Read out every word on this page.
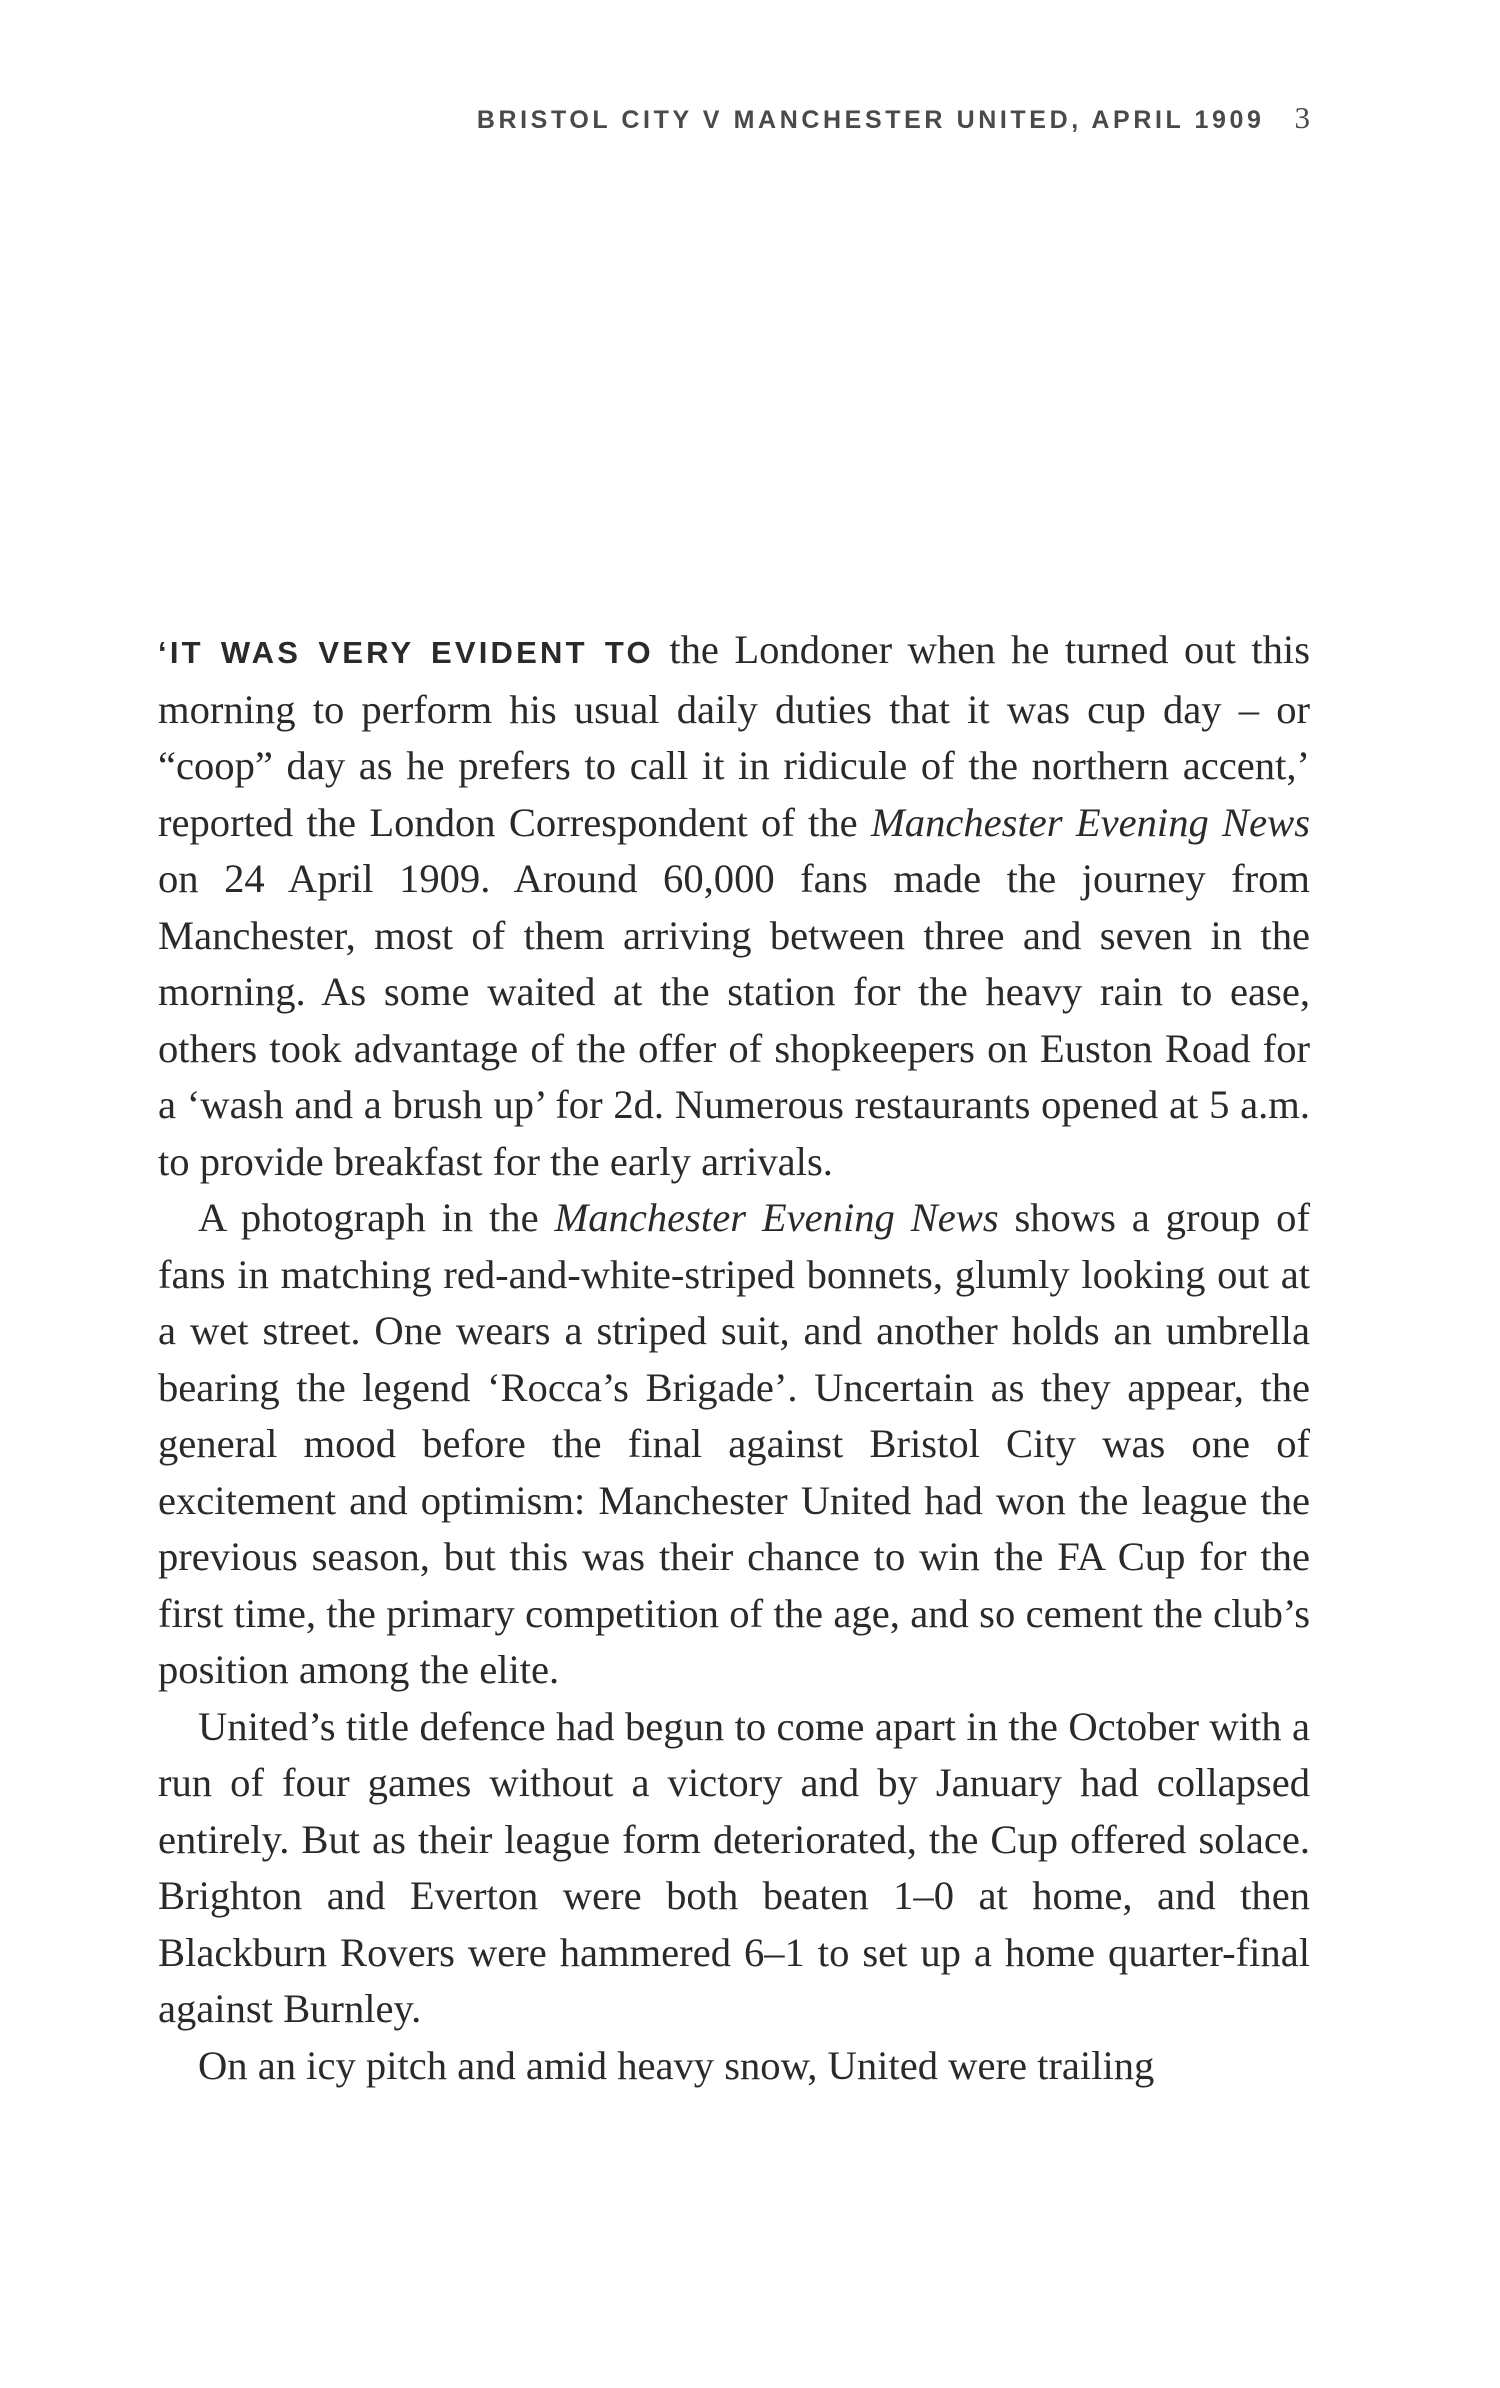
BRISTOL CITY V MANCHESTER UNITED, APRIL 1909 3

‘IT WAS VERY EVIDENT TO the Londoner when he turned out this morning to perform his usual daily duties that it was cup day – or “coop” day as he prefers to call it in ridicule of the northern accent,’ reported the London Correspondent of the Manchester Evening News on 24 April 1909. Around 60,000 fans made the journey from Manchester, most of them arriving between three and seven in the morning. As some waited at the station for the heavy rain to ease, others took advantage of the offer of shopkeepers on Euston Road for a ‘wash and a brush up’ for 2d. Numerous restaurants opened at 5 a.m. to provide breakfast for the early arrivals.

A photograph in the Manchester Evening News shows a group of fans in matching red-and-white-striped bonnets, glumly looking out at a wet street. One wears a striped suit, and another holds an umbrella bearing the legend ‘Rocca’s Brigade’. Uncertain as they appear, the general mood before the final against Bristol City was one of excitement and optimism: Manchester United had won the league the previous season, but this was their chance to win the FA Cup for the first time, the primary competition of the age, and so cement the club’s position among the elite.

United’s title defence had begun to come apart in the October with a run of four games without a victory and by January had collapsed entirely. But as their league form deteriorated, the Cup offered solace. Brighton and Everton were both beaten 1–0 at home, and then Blackburn Rovers were hammered 6–1 to set up a home quarter-final against Burnley.

On an icy pitch and amid heavy snow, United were trailing
